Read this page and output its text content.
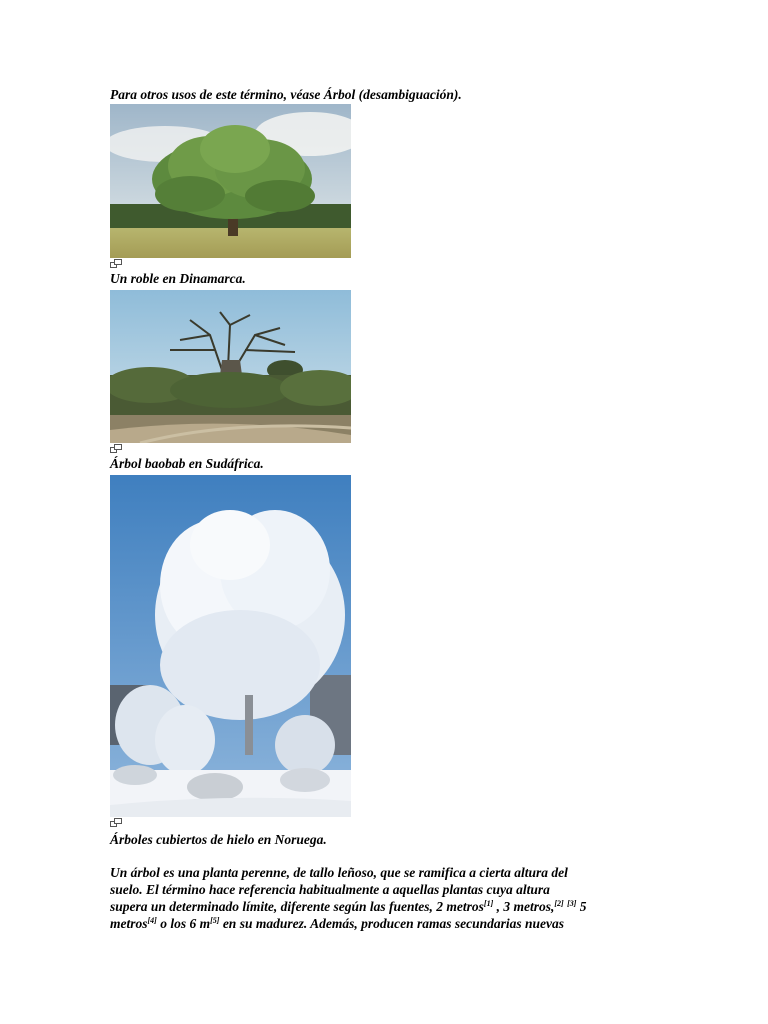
Para otros usos de este término, véase Árbol (desambiguación).
Un roble en Dinamarca.
Árbol baobab en Sudáfrica.
Árboles cubiertos de hielo en Noruega.
Un árbol es una planta perenne, de tallo leñoso, que se ramifica a cierta altura del
suelo. El término hace referencia habitualmente a aquellas plantas cuya altura
supera un determinado límite, diferente según las fuentes, 2 metros[1] , 3 metros,[2] [3] 5
metros[4] o los 6 m[5] en su madurez. Además, producen ramas secundarias nuevas
